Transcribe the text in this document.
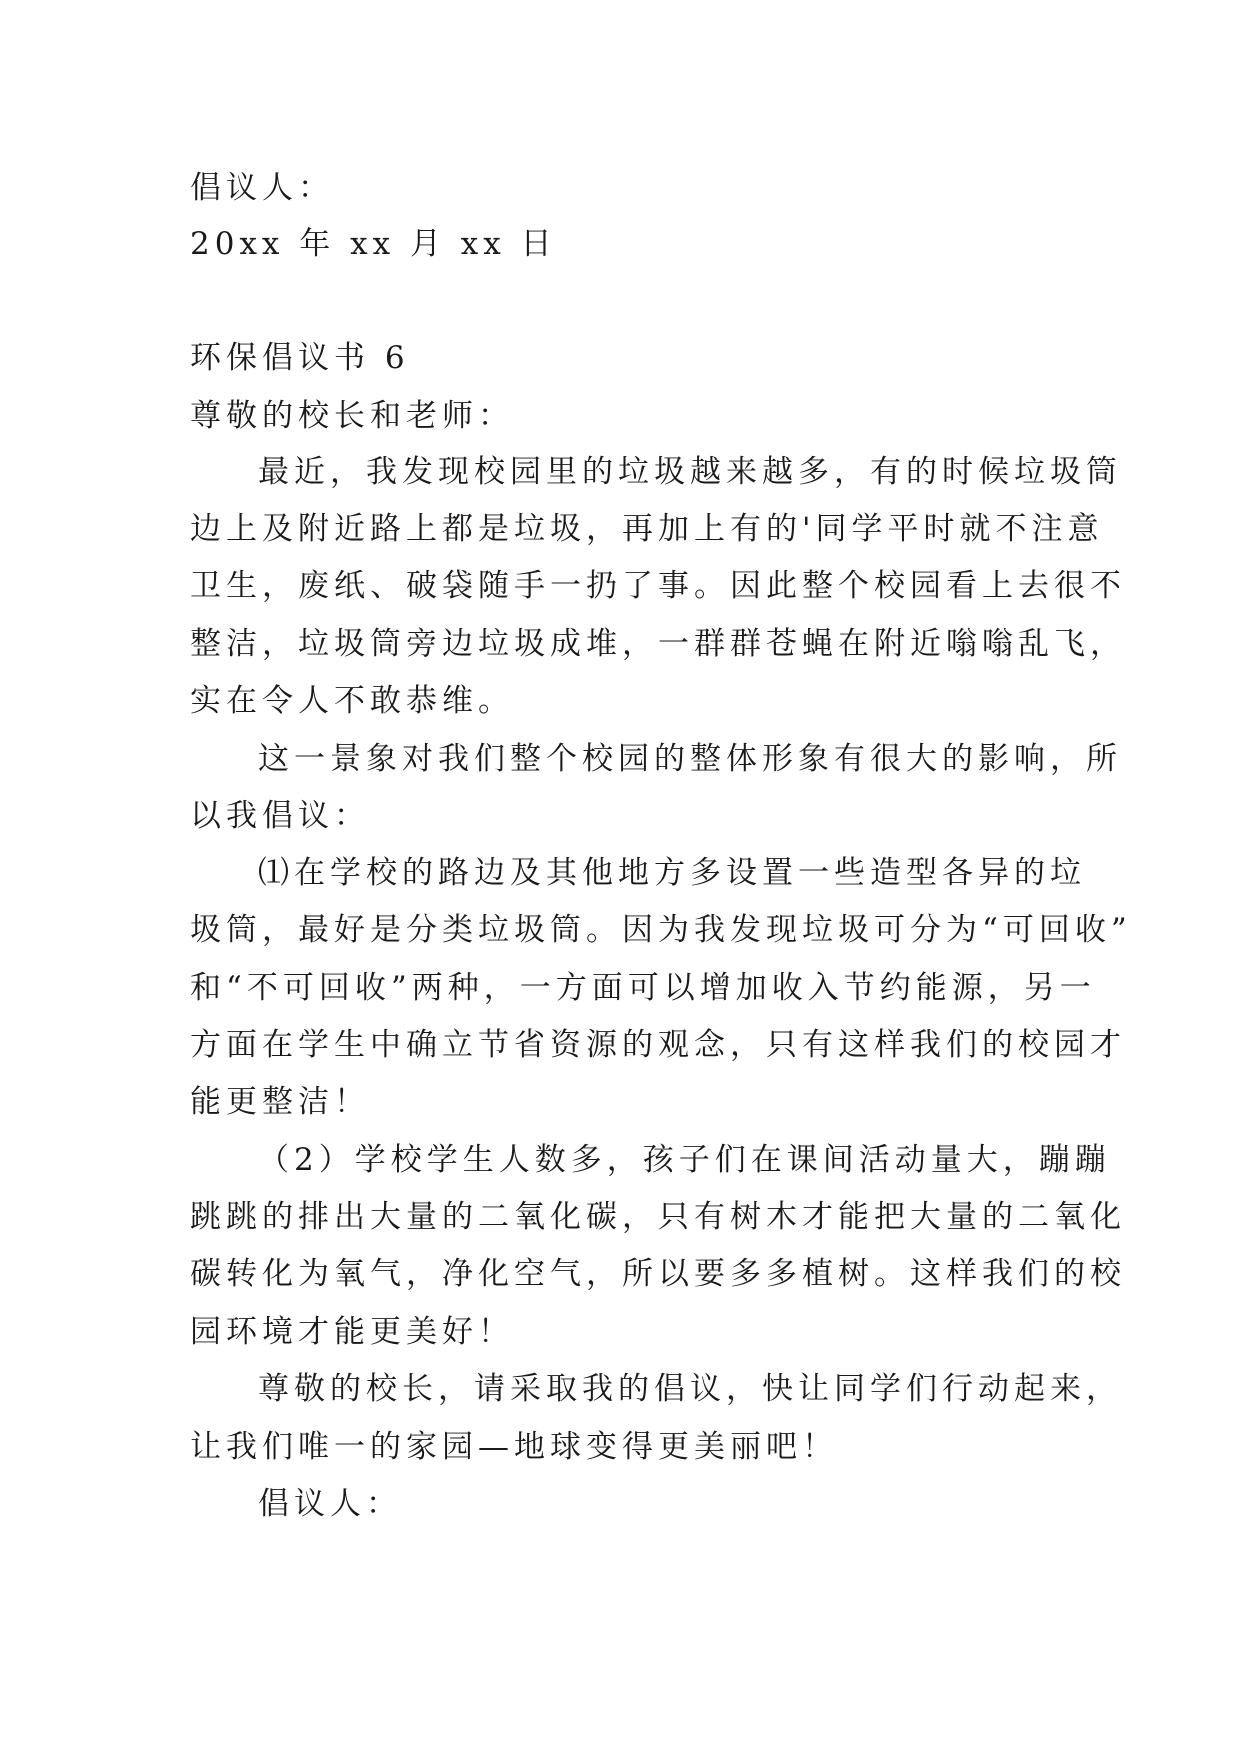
倡议人：
20xx 年 xx 月 xx 日
环保倡议书 6
尊敬的校长和老师：
最近，我发现校园里的垃圾越来越多，有的时候垃圾筒
边上及附近路上都是垃圾，再加上有的'同学平时就不注意
卫生，废纸、破袋随手一扔了事。因此整个校园看上去很不
整洁，垃圾筒旁边垃圾成堆，一群群苍蝇在附近嗡嗡乱飞，
实在令人不敢恭维。
这一景象对我们整个校园的整体形象有很大的影响，所
以我倡议：
⑴在学校的路边及其他地方多设置一些造型各异的垃
圾筒，最好是分类垃圾筒。因为我发现垃圾可分为“可回收”
和“不可回收”两种，一方面可以增加收入节约能源，另一
方面在学生中确立节省资源的观念，只有这样我们的校园才
能更整洁！
（2）学校学生人数多，孩子们在课间活动量大，蹦蹦
跳跳的排出大量的二氧化碳，只有树木才能把大量的二氧化
碳转化为氧气，净化空气，所以要多多植树。这样我们的校
园环境才能更美好！
尊敬的校长，请采取我的倡议，快让同学们行动起来，
让我们唯一的家园—地球变得更美丽吧！
倡议人：
